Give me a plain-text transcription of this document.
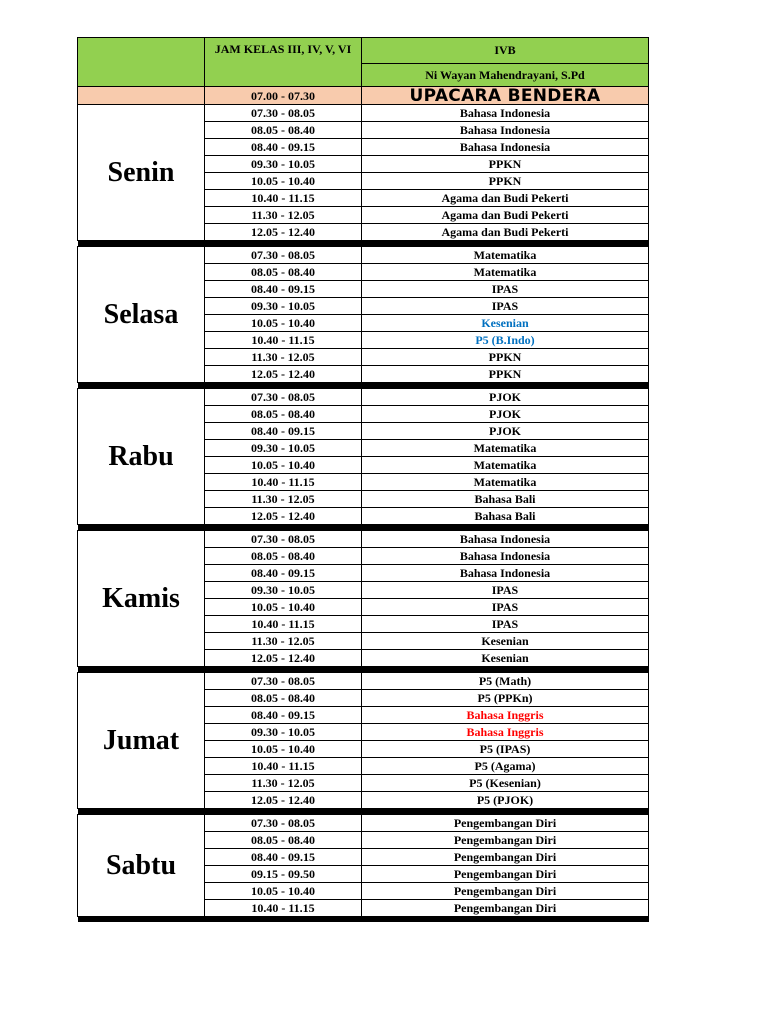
	JAM KELAS III, IV, V, VI	IVB
		Ni Wayan Mahendrayani, S.Pd
	07.00 - 07.30	UPACARA BENDERA
Senin	07.30 - 08.05	Bahasa Indonesia
	08.05 - 08.40	Bahasa Indonesia
	08.40 - 09.15	Bahasa Indonesia
	09.30 - 10.05	PPKN
	10.05 - 10.40	PPKN
	10.40 - 11.15	Agama dan Budi Pekerti
	11.30 - 12.05	Agama dan Budi Pekerti
	12.05 - 12.40	Agama dan Budi Pekerti

Selasa	07.30 - 08.05	Matematika
	08.05 - 08.40	Matematika
	08.40 - 09.15	IPAS
	09.30 - 10.05	IPAS
	10.05 - 10.40	Kesenian
	10.40 - 11.15	P5 (B.Indo)
	11.30 - 12.05	PPKN
	12.05 - 12.40	PPKN

Rabu	07.30 - 08.05	PJOK
	08.05 - 08.40	PJOK
	08.40 - 09.15	PJOK
	09.30 - 10.05	Matematika
	10.05 - 10.40	Matematika
	10.40 - 11.15	Matematika
	11.30 - 12.05	Bahasa Bali
	12.05 - 12.40	Bahasa Bali

Kamis	07.30 - 08.05	Bahasa Indonesia
	08.05 - 08.40	Bahasa Indonesia
	08.40 - 09.15	Bahasa Indonesia
	09.30 - 10.05	IPAS
	10.05 - 10.40	IPAS
	10.40 - 11.15	IPAS
	11.30 - 12.05	Kesenian
	12.05 - 12.40	Kesenian

Jumat	07.30 - 08.05	P5 (Math)
	08.05 - 08.40	P5 (PPKn)
	08.40 - 09.15	Bahasa Inggris
	09.30 - 10.05	Bahasa Inggris
	10.05 - 10.40	P5 (IPAS)
	10.40 - 11.15	P5 (Agama)
	11.30 - 12.05	P5 (Kesenian)
	12.05 - 12.40	P5 (PJOK)

Sabtu	07.30 - 08.05	Pengembangan Diri
	08.05 - 08.40	Pengembangan Diri
	08.40 - 09.15	Pengembangan Diri
	09.15 - 09.50	Pengembangan Diri
	10.05 - 10.40	Pengembangan Diri
	10.40 - 11.15	Pengembangan Diri
